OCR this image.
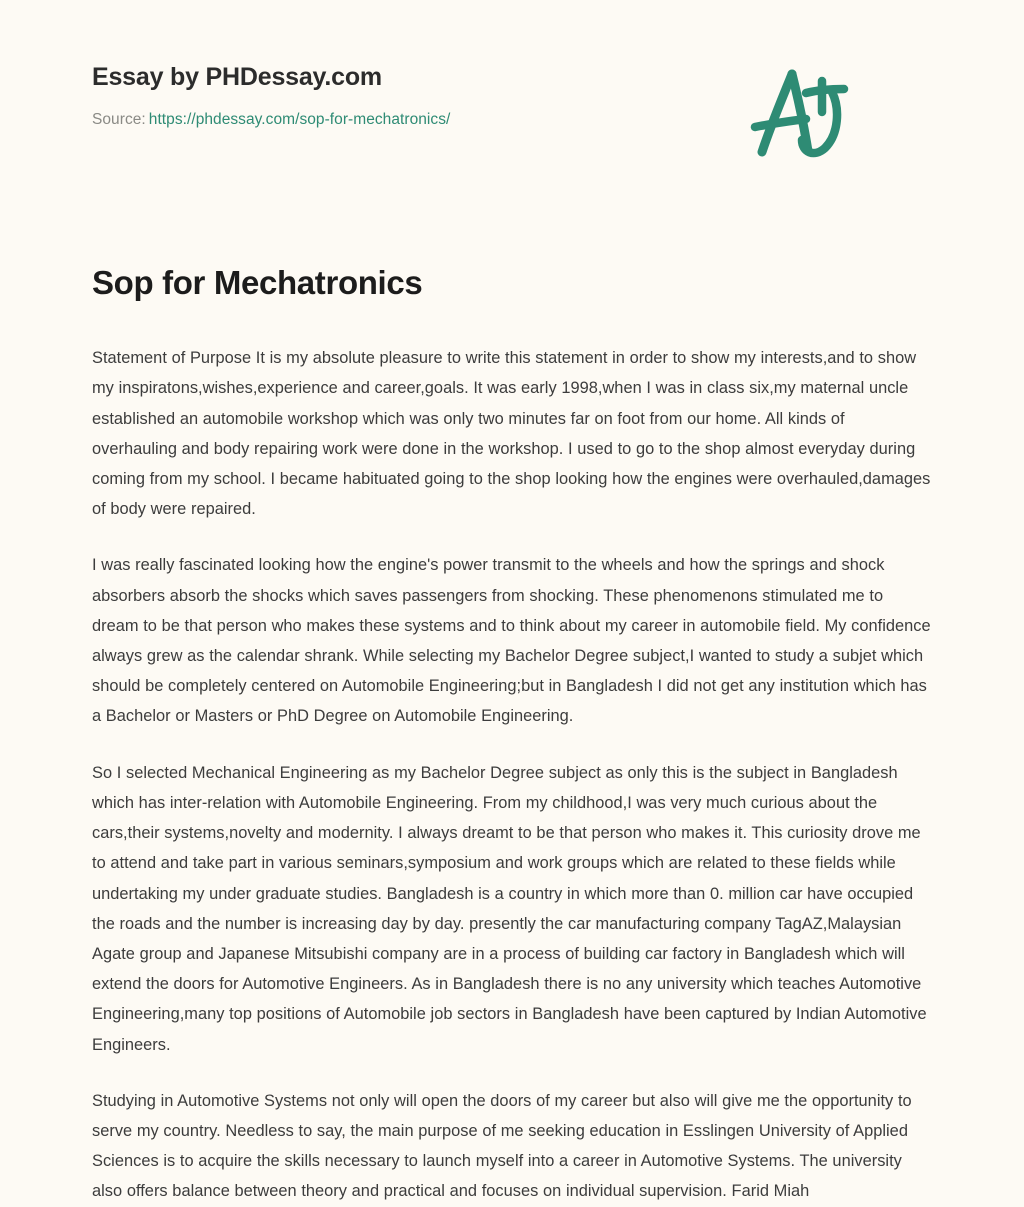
Essay by PHDessay.com
Source: https://phdessay.com/sop-for-mechatronics/
Sop for Mechatronics

Statement of Purpose It is my absolute pleasure to write this statement in order to show my interests,and to show my inspiratons,wishes,experience and career,goals. It was early 1998,when I was in class six,my maternal uncle established an automobile workshop which was only two minutes far on foot from our home. All kinds of overhauling and body repairing work were done in the workshop. I used to go to the shop almost everyday during coming from my school. I became habituated going to the shop looking how the engines were overhauled,damages of body were repaired.

I was really fascinated looking how the engine's power transmit to the wheels and how the springs and shock absorbers absorb the shocks which saves passengers from shocking. These phenomenons stimulated me to dream to be that person who makes these systems and to think about my career in automobile field. My confidence always grew as the calendar shrank. While selecting my Bachelor Degree subject,I wanted to study a subjet which should be completely centered on Automobile Engineering;but in Bangladesh I did not get any institution which has a Bachelor or Masters or PhD Degree on Automobile Engineering.

So I selected Mechanical Engineering as my Bachelor Degree subject as only this is the subject in Bangladesh which has inter-relation with Automobile Engineering. From my childhood,I was very much curious about the cars,their systems,novelty and modernity. I always dreamt to be that person who makes it. This curiosity drove me to attend and take part in various seminars,symposium and work groups which are related to these fields while undertaking my under graduate studies. Bangladesh is a country in which more than 0. million car have occupied the roads and the number is increasing day by day. presently the car manufacturing company TagAZ,Malaysian Agate group and Japanese Mitsubishi company are in a process of building car factory in Bangladesh which will extend the doors for Automotive Engineers. As in Bangladesh there is no any university which teaches Automotive Engineering,many top positions of Automobile job sectors in Bangladesh have been captured by Indian Automotive Engineers.

Studying in Automotive Systems not only will open the doors of my career but also will give me the opportunity to serve my country. Needless to say, the main purpose of me seeking education in Esslingen University of Applied Sciences is to acquire the skills necessary to launch myself into a career in Automotive Systems. The university also offers balance between theory and practical and focuses on individual supervision. Farid Miah
